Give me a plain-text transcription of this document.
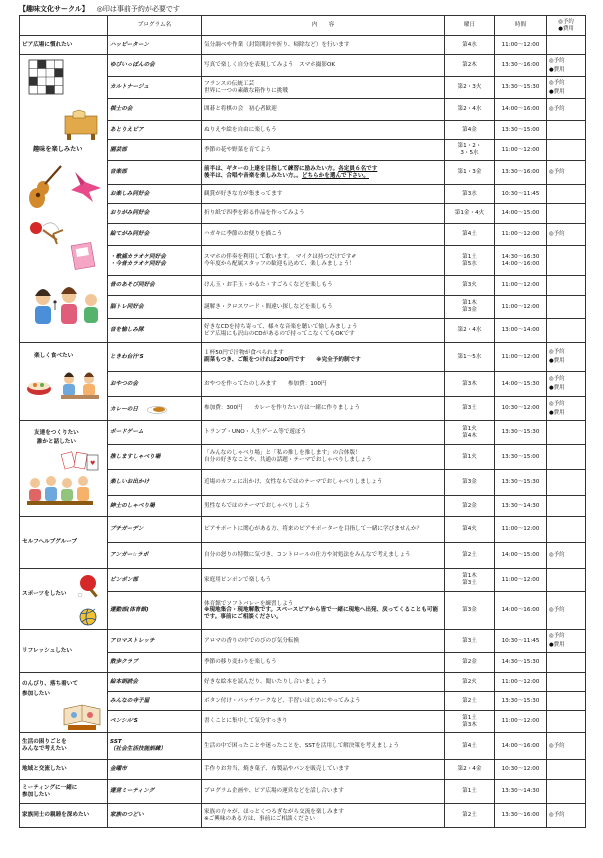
【趣味文化サークル】 ◎印は事前予約が必要です
	プログラム名	内　　容	曜日	時間	◎予約
●費用
ピア広場に慣れたい	ハッピーターン	気分調べや作業（封筒開封や折り、帰除など）を行います	第4水	11:00～12:00	

趣味を楽しみたい	ゆびいっぽんの会	写真で楽しく自分を表現してみよう　スマホ撮影OK	第2木	13:30～16:00	◎予約
●費用
	カルトナージュ	フランスの伝統工芸
世界に一つの素敵な箱作りに挑戦	第2・3火	13:30～15:30	◎予約
●費用
	棋士の会	囲碁と将棋の会　初心者歓迎	第2・4水	14:00～16:00	◎予約
	あとりえピア	ぬりえや絵を自由に楽しもう	第4金	13:30～15:00	
	園芸部	季節の花や野菜を育てよう	第1・2・
3・5水	11:00～12:00	
	音楽部	前半は、ギターの上達を目指して練習に励みたい方。各定員６名です
後半は、合唱や音楽を楽しみたい方。。どちらかを選んで下さい。	第1・3金	13:30～16:00	◎予約
	お楽しみ同好会	観賞が好きな方が集まってます	第3水	10:30～11:45	
	おりがみ同好会	折り紙で四季を彩る作品を作ってみよう	第1金・4火	14:00～15:00	
	絵てがみ同好会	ハガキに季節のお便りを描こう	第4土	11:00～12:00	◎予約
	・歌謡カラオケ同好会
・今昔カラオケ同好会	スマホの伴奏を利用して歌います。　マイクは持つだけです✐
今年度から配属スタッフの歓迎も込めて、楽しみましょう！	第1土
第5水	14:30～16:30
14:00～16:00	
	昔のあそび同好会	けん玉・お手玉・かるた・すごろくなどを楽しもう	第3火	11:00～12:00	
	脳トレ同好会	謎解き・クロスワード・間違い探しなどを楽しもう	第1木
第3金	11:00～12:00	
	音を愉しみ隊	好きなCDを持ち寄って、様々な音楽を聴いて愉しみましょう
ピア広場にも沢山のCDがあるので持ってこなくてもOKです	第2・4水	13:00～14:00	

楽しく食べたい	ときわ台汁'S	１杯50円で汁物が食べられます
副菜もつき、ご飯をつければ200円です　　※完全予約制です	第1～5水	11:00～12:00	◎予約
●費用
	おやつの会	おやつを作ってたのしみます　　参加費：100円	第3木	14:00～15:30	◎予約
●費用
	カレーの日	参加費：300円　　カレーを作りたい方は一緒に作りましょう	第3土	10:30～12:00	◎予約
●費用

友達をつくりたい
誰かと話したい

♥	ボードゲーム	トランプ・UNO・人生ゲーム等で遊ぼう	第1火
第4木	13:30～15:30	
	推しますしゃべり場	「みんなのしゃべり場」と「私の推しを推します」の合体版！
自分の好きなことや、共通の話題・テーマでおしゃべりしましょう	第1火	13:30～15:00	
	楽しいお出かけ	近場のカフェに出かけ、女性ならではのテーマでおしゃべりしましょう	第3金	13:30～15:30	
	紳士のしゃべり場	男性ならではのテーマでおしゃべりしよう	第2金	13:30～14:30	
セルフヘルプグループ	プチガーデン	ピアサポートに関心がある方、将来のピアサポーターを目指して一緒に学びませんか？	第4火	11:00～12:00	
	アンガー☆ラボ	自分の怒りの特徴に気づき、コントロールの仕方や対処法をみんなで考えましょう	第2土	14:00～15:00	◎予約

スポーツをしたい	ピンポン部	家庭用ピンポンで楽しもう	第1木
第3土	11:00～12:00	
	運動部(体育館)	体育館でソフトバレーを練習しよう
※現地集合・現地解散です。スペースピアから皆で一緒に現地へ出発、戻ってくることも可能です。事前にご相談ください。	第3金	14:00～16:00	◎予約
リフレッシュしたい	アロマストレッチ	アロマの香りの中でのびのび気分転換	第3土	10:30～11:45	◎予約
●費用
	散歩クラブ	季節の移り変わりを楽しもう	第2金	14:30～15:30	

のんびり、落ち着いて
参加したい	絵本朗読会	好きな絵本を読んだり、聞いたりし合いましょう	第2火	11:00～12:00	
	みんなの寺子屋	ボタン付け・パッチワークなど、手習いはじめにやってみよう	第2土	13:30～15:30	
	ペンシル'S	書くことに集中して気分すっきり	第1土
第3木	11:00～12:00	
生活の困りごとを
みんなで考えたい	SST
（社会生活技能訓練）	生活の中で困ったことや迷ったことを、SSTを活用して解決策を考えましょう	第4土	14:00～16:00	◎予約
地域と交流したい	金曜市	手作りお弁当、焼き菓子、布製品やパンを販売しています	第2・4金	10:30～12:00	
ミーティングに一緒に
参加したい	運営ミーティング	プログラム企画や、ピア広場の運営などを話し合います	第1土	13:30～14:30	
家族同士の親睦を深めたい	家族のつどい	家族の方々が、ほっとくつろぎながら交流を楽しみます
※ご興味のある方は、事前にご相談ください	第2土	13:30～16:00	◎予約
